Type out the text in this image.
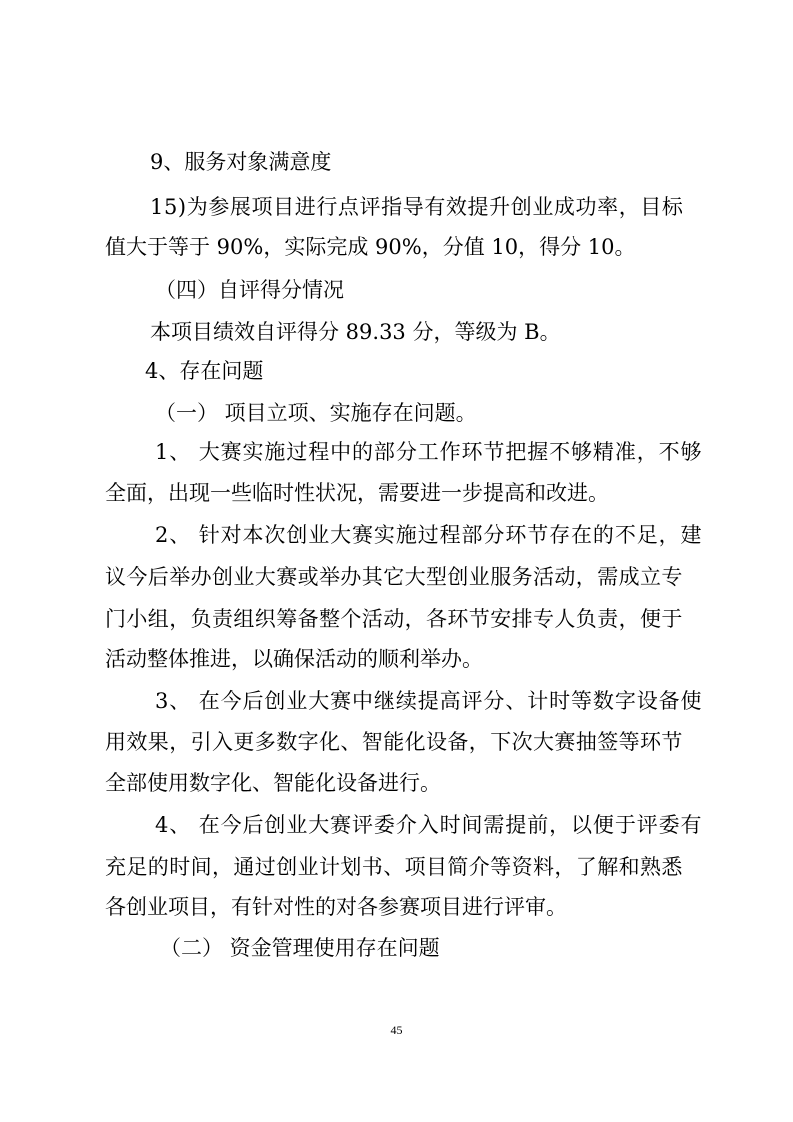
9、服务对象满意度
15)为参展项目进行点评指导有效提升创业成功率，目标
值大于等于 90%，实际完成 90%，分值 10，得分 10。
（四）自评得分情况
本项目绩效自评得分 89.33 分，等级为 B。
4、存在问题
（一） 项目立项、实施存在问题。
1、 大赛实施过程中的部分工作环节把握不够精准，不够
全面，出现一些临时性状况，需要进一步提高和改进。
2、 针对本次创业大赛实施过程部分环节存在的不足，建
议今后举办创业大赛或举办其它大型创业服务活动，需成立专
门小组，负责组织筹备整个活动，各环节安排专人负责，便于
活动整体推进，以确保活动的顺利举办。
3、 在今后创业大赛中继续提高评分、计时等数字设备使
用效果，引入更多数字化、智能化设备，下次大赛抽签等环节
全部使用数字化、智能化设备进行。
4、 在今后创业大赛评委介入时间需提前，以便于评委有
充足的时间，通过创业计划书、项目简介等资料，了解和熟悉
各创业项目，有针对性的对各参赛项目进行评审。
（二） 资金管理使用存在问题
45
